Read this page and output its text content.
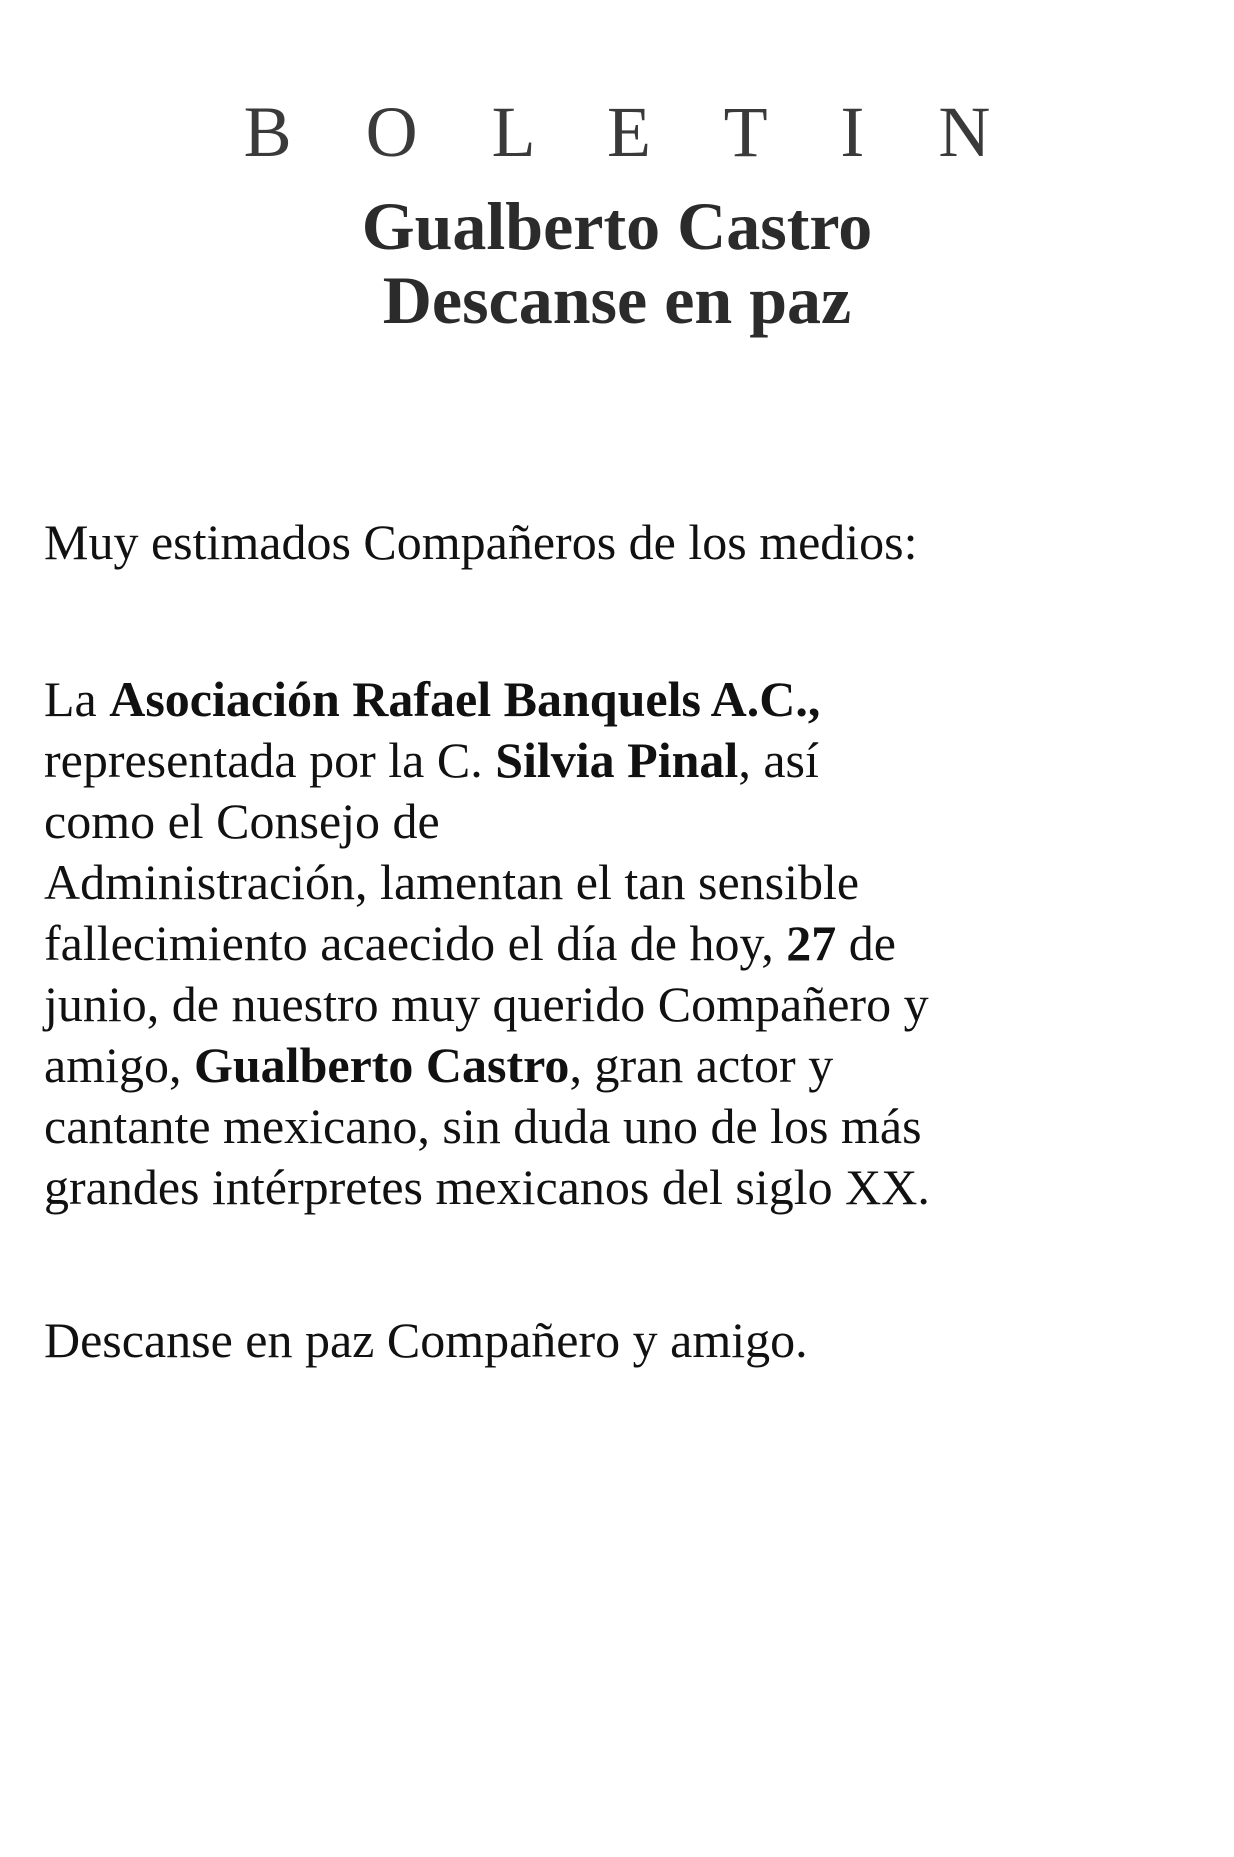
B O L E T I N
Gualberto Castro
Descanse en paz

Muy estimados Compañeros de los medios:

La Asociación Rafael Banquels A.C.,
representada por la C. Silvia Pinal, así
como el Consejo de
Administración, lamentan el tan sensible
fallecimiento acaecido el día de hoy, 27 de
junio, de nuestro muy querido Compañero y
amigo, Gualberto Castro, gran actor y
cantante mexicano, sin duda uno de los más
grandes intérpretes mexicanos del siglo XX.

Descanse en paz Compañero y amigo.
